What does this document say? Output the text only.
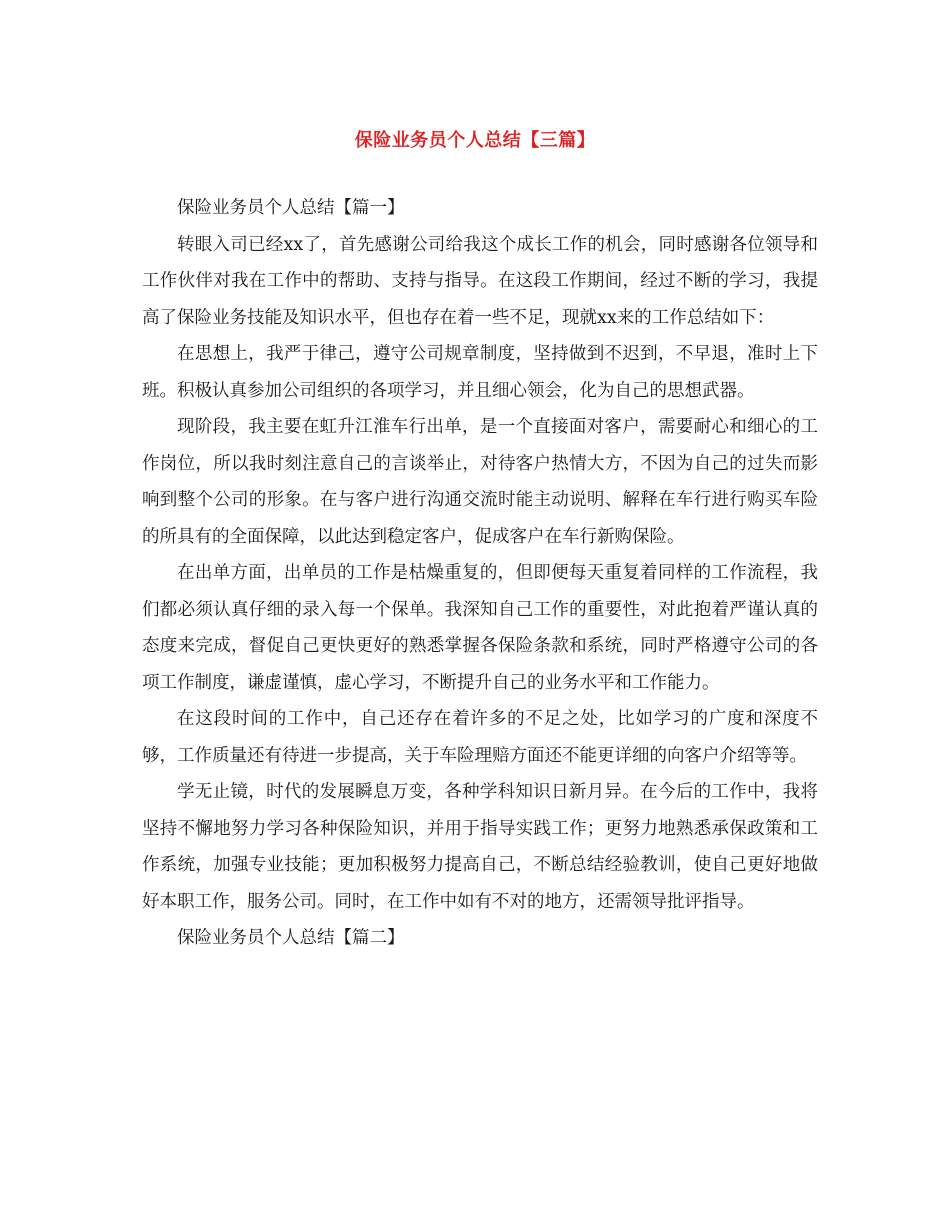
保险业务员个人总结【三篇】

保险业务员个人总结【篇一】

转眼入司已经xx了，首先感谢公司给我这个成长工作的机会，同时感谢各位领导和工作伙伴对我在工作中的帮助、支持与指导。在这段工作期间，经过不断的学习，我提高了保险业务技能及知识水平，但也存在着一些不足，现就xx来的工作总结如下：

在思想上，我严于律己，遵守公司规章制度，坚持做到不迟到，不早退，准时上下班。积极认真参加公司组织的各项学习，并且细心领会，化为自己的思想武器。

现阶段，我主要在虹升江淮车行出单，是一个直接面对客户，需要耐心和细心的工作岗位，所以我时刻注意自己的言谈举止，对待客户热情大方，不因为自己的过失而影响到整个公司的形象。在与客户进行沟通交流时能主动说明、解释在车行进行购买车险的所具有的全面保障，以此达到稳定客户，促成客户在车行新购保险。

在出单方面，出单员的工作是枯燥重复的，但即便每天重复着同样的工作流程，我们都必须认真仔细的录入每一个保单。我深知自己工作的重要性，对此抱着严谨认真的态度来完成，督促自己更快更好的熟悉掌握各保险条款和系统，同时严格遵守公司的各项工作制度，谦虚谨慎，虚心学习，不断提升自己的业务水平和工作能力。

在这段时间的工作中，自己还存在着许多的不足之处，比如学习的广度和深度不够，工作质量还有待进一步提高，关于车险理赔方面还不能更详细的向客户介绍等等。

学无止镜，时代的发展瞬息万变，各种学科知识日新月异。在今后的工作中，我将坚持不懈地努力学习各种保险知识，并用于指导实践工作；更努力地熟悉承保政策和工作系统，加强专业技能；更加积极努力提高自己，不断总结经验教训，使自己更好地做好本职工作，服务公司。同时，在工作中如有不对的地方，还需领导批评指导。

保险业务员个人总结【篇二】
